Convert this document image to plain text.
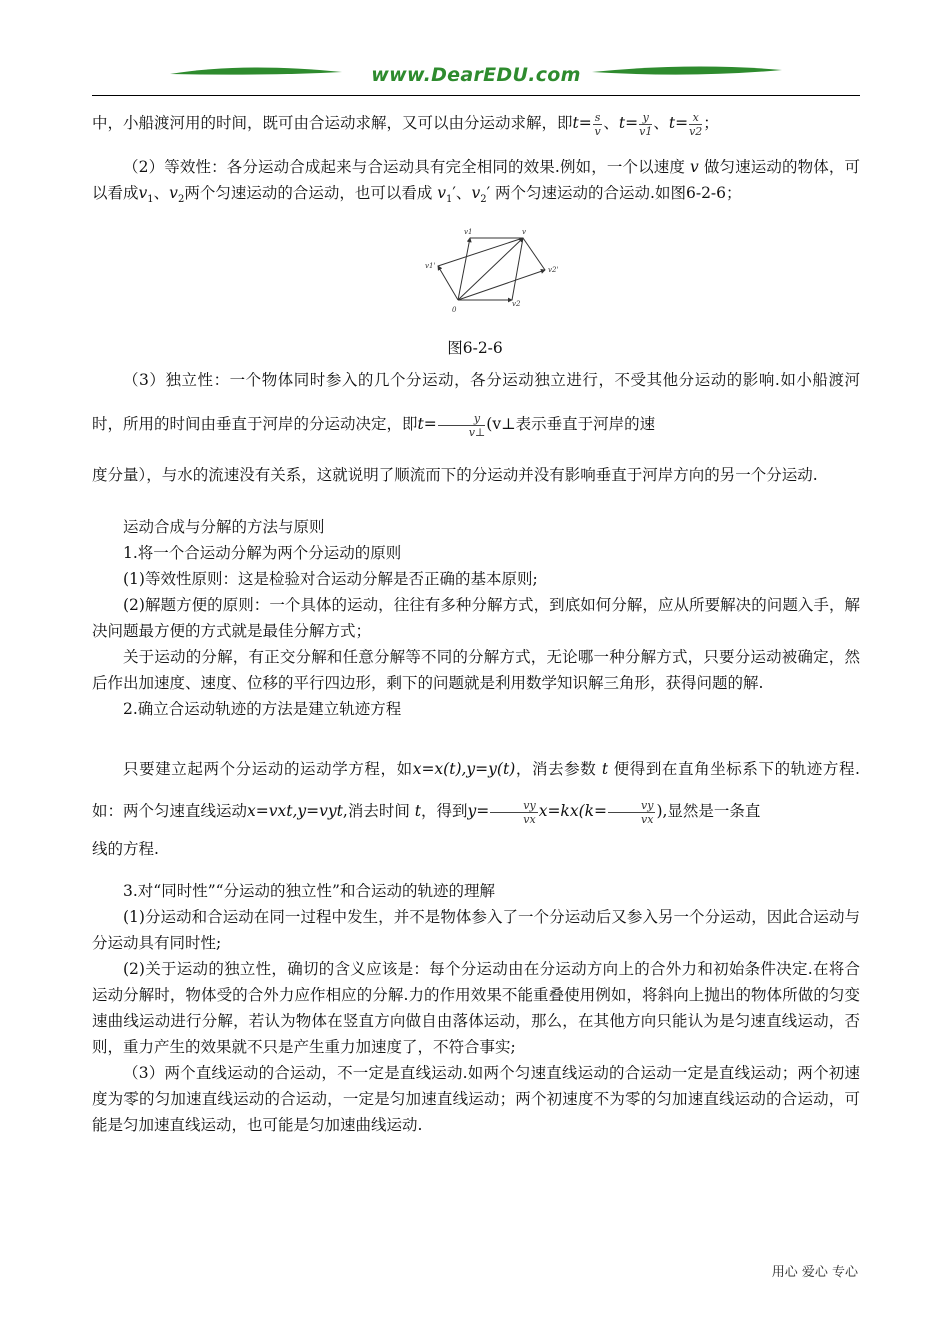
www.DearEDU.com

中，小船渡河用的时间，既可由合运动求解，又可以由分运动求解，即$t= \frac{s}{v}$ 、$t= \frac{y}{v1}$ 、$t= \frac{x}{v2}$ ；

（2）等效性：各分运动合成起来与合运动具有完全相同的效果.例如，一个以速度 v 做匀速运动的物体，可以看成$v_1$、$v_2$两个匀速运动的合运动，也可以看成 $v_1'$、$v_2'$ 两个匀速运动的合运动.如图6-2-6；

v1	v
v1'	v2'
v2
0
图6-2-6

（3）独立性：一个物体同时参入的几个分运动，各分运动独立进行，不受其他分运动的影响.如小船渡河时，所用的时间由垂直于河岸的分运动决定，即$t= \frac{y}{v\perp}$ (v⊥表示垂直于河岸的速

度分量），与水的流速没有关系，这就说明了顺流而下的分运动并没有影响垂直于河岸方向的另一个分运动.

运动合成与分解的方法与原则

1.将一个合运动分解为两个分运动的原则

(1)等效性原则：这是检验对合运动分解是否正确的基本原则;

(2)解题方便的原则：一个具体的运动，往往有多种分解方式，到底如何分解，应从所要解决的问题入手，解决问题最方便的方式就是最佳分解方式；

关于运动的分解，有正交分解和任意分解等不同的分解方式，无论哪一种分解方式，只要分运动被确定，然后作出加速度、速度、位移的平行四边形，剩下的问题就是利用数学知识解三角形，获得问题的解.

2.确立合运动轨迹的方法是建立轨迹方程

只要建立起两个分运动的运动学方程，如x=x(t),y=y(t)，消去参数 t 便得到在直角坐标系下的轨迹方程.如：两个匀速直线运动x=vxt,y=vyt,消去时间 t，得到$y= \frac{vy}{vx} x=kx(k= \frac{vy}{vx}$ ),显然是一条直

线的方程.

3.对“同时性”“分运动的独立性”和合运动的轨迹的理解

(1)分运动和合运动在同一过程中发生，并不是物体参入了一个分运动后又参入另一个分运动，因此合运动与分运动具有同时性;

(2)关于运动的独立性，确切的含义应该是：每个分运动由在分运动方向上的合外力和初始条件决定.在将合运动分解时，物体受的合外力应作相应的分解.力的作用效果不能重叠使用例如，将斜向上抛出的物体所做的匀变速曲线运动进行分解，若认为物体在竖直方向做自由落体运动，那么，在其他方向只能认为是匀速直线运动，否则，重力产生的效果就不只是产生重力加速度了，不符合事实;

（3）两个直线运动的合运动，不一定是直线运动.如两个匀速直线运动的合运动一定是直线运动；两个初速度为零的匀加速直线运动的合运动，一定是匀加速直线运动；两个初速度不为零的匀加速直线运动的合运动，可能是匀加速直线运动，也可能是匀加速曲线运动.

用心 爱心 专心
